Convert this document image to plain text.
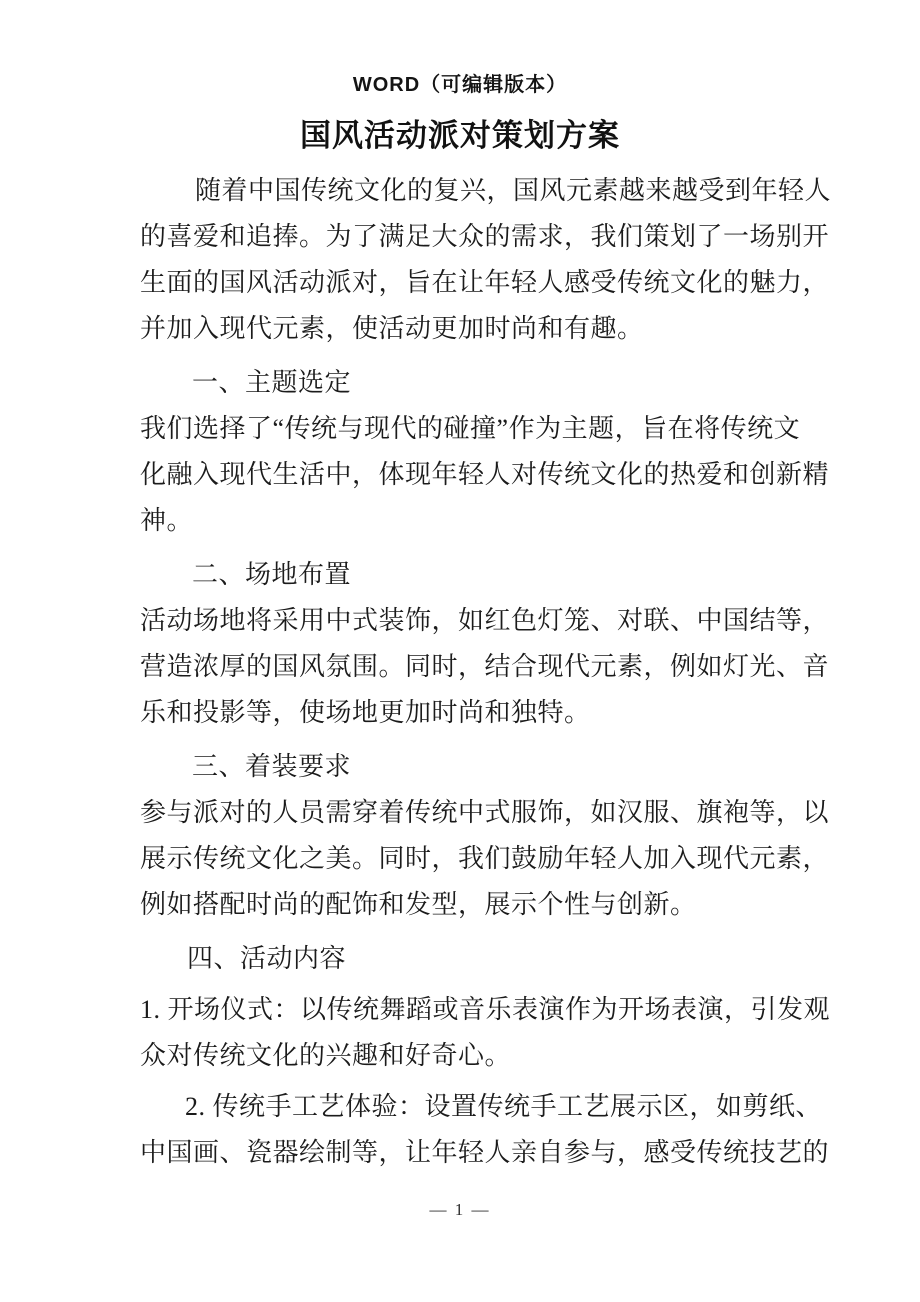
WORD（可编辑版本）
国风活动派对策划方案
随着中国传统文化的复兴，国风元素越来越受到年轻人
的喜爱和追捧。为了满足大众的需求，我们策划了一场别开
生面的国风活动派对，旨在让年轻人感受传统文化的魅力，
并加入现代元素，使活动更加时尚和有趣。
一、主题选定
我们选择了“传统与现代的碰撞”作为主题，旨在将传统文
化融入现代生活中，体现年轻人对传统文化的热爱和创新精
神。
二、场地布置
活动场地将采用中式装饰，如红色灯笼、对联、中国结等，
营造浓厚的国风氛围。同时，结合现代元素，例如灯光、音
乐和投影等，使场地更加时尚和独特。
三、着装要求
参与派对的人员需穿着传统中式服饰，如汉服、旗袍等，以
展示传统文化之美。同时，我们鼓励年轻人加入现代元素，
例如搭配时尚的配饰和发型，展示个性与创新。
四、活动内容
1. 开场仪式：以传统舞蹈或音乐表演作为开场表演，引发观
众对传统文化的兴趣和好奇心。
2. 传统手工艺体验：设置传统手工艺展示区，如剪纸、
中国画、瓷器绘制等，让年轻人亲自参与，感受传统技艺的
— 1 —
